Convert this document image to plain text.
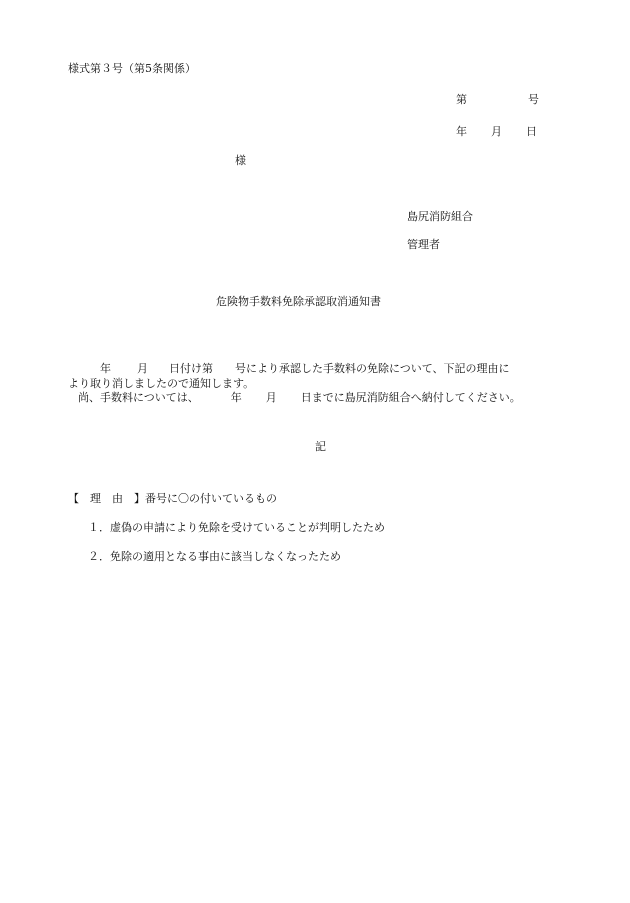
様式第３号（第5条関係）
第	号
年 月 日
様
島尻消防組合
管理者
危険物手数料免除承認取消通知書

年 月 日付け第 号により承認した手数料の免除について、下記の理由に

より取り消しましたので通知します。

尚、手数料については、	年 月 日までに島尻消防組合へ納付してください。

記
【　理　由　】番号に〇の付いているもの
１．虚偽の申請により免除を受けていることが判明したため
２．免除の適用となる事由に該当しなくなったため
